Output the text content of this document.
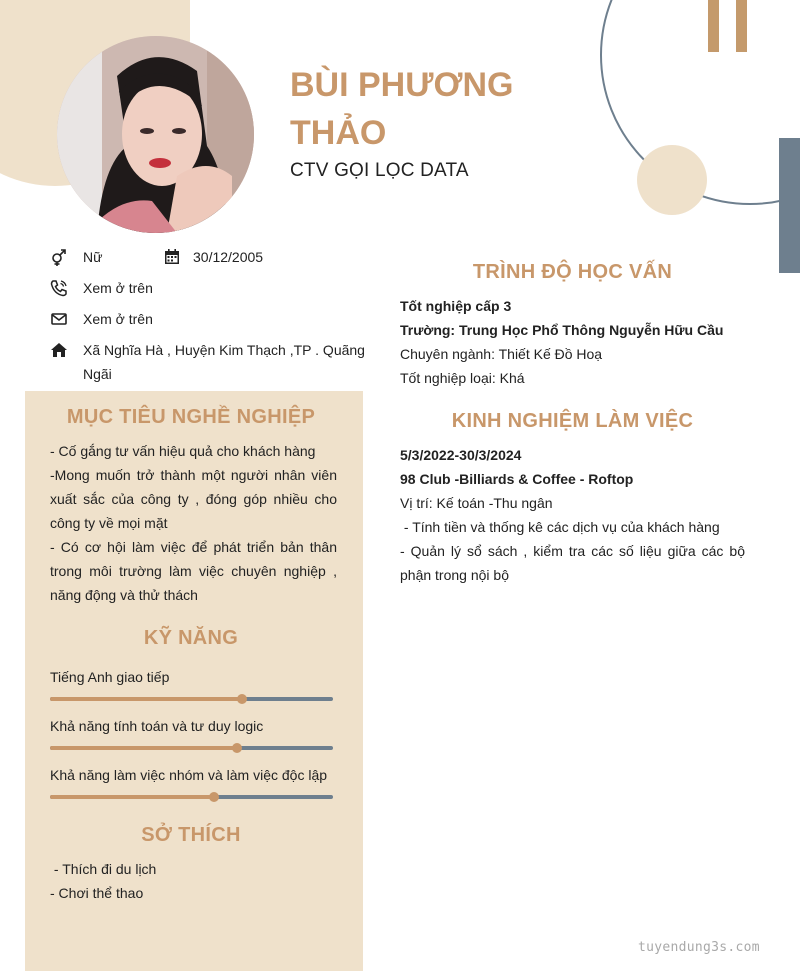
BÙI PHƯƠNG
THẢO
CTV GỌI LỌC DATA
Nữ	30/12/2005
Xem ở trên
Xem ở trên
Xã Nghĩa Hà , Huyện Kim Thạch ,TP . Quãng
Ngãi
MỤC TIÊU NGHỀ NGHIỆP
- Cố gắng tư vấn hiệu quả cho khách hàng
-Mong muốn trở thành một người nhân viên
xuất sắc của công ty , đóng góp nhiều cho
công ty về mọi mặt
- Có cơ hội làm việc để phát triển bản thân
trong môi trường làm việc chuyên nghiệp ,
năng động và thử thách
KỸ NĂNG
Tiếng Anh giao tiếp
Khả năng tính toán và tư duy logic
Khả năng làm việc nhóm và làm việc độc lập
SỞ THÍCH
- Thích đi du lịch
- Chơi thể thao
TRÌNH ĐỘ HỌC VẤN
Tốt nghiệp cấp 3
Trường: Trung Học Phổ Thông Nguyễn Hữu Cầu
Chuyên ngành: Thiết Kế Đồ Hoạ
Tốt nghiệp loại: Khá
KINH NGHIỆM LÀM VIỆC
5/3/2022-30/3/2024
98 Club -Billiards & Coffee - Roftop
Vị trí: Kế toán -Thu ngân
- Tính tiền và thống kê các dịch vụ của khách hàng
- Quản lý sổ sách , kiểm tra các số liệu giữa các bộ
phận trong nội bộ
tuyendung3s.com
